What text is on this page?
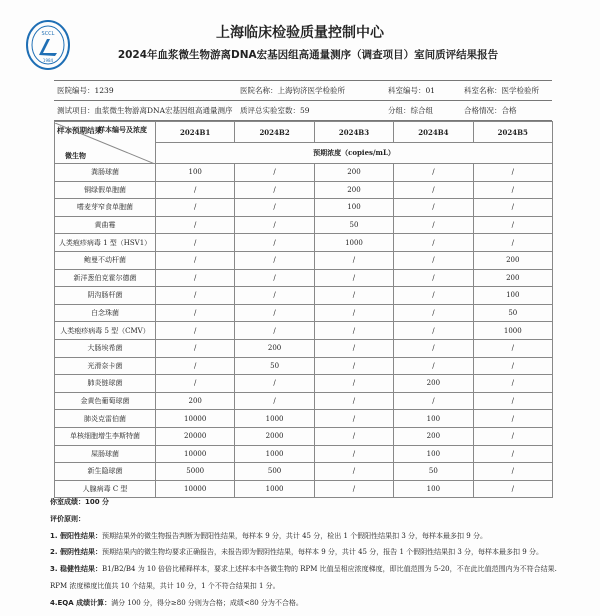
SCCL
1984
上海临床检验质量控制中心
2024年血浆微生物游离DNA宏基因组高通量测序（调查项目）室间质评结果报告
医院编号：1239	医院名称：上海钧济医学检验所	科室编号：01	科室名称：医学检验所
测试项目：血浆微生物游离DNA宏基因组高通量测序 质评总实验室数：59	分组：综合组	合格情况：合格
样本预期结果
样本编号及浓度
微生物	2024B1	2024B2	2024B3	2024B4	2024B5
	预期浓度（copies/mL）				
粪肠球菌	100	/	200	/	/
铜绿假单胞菌	/	/	200	/	/
嗜麦芽窄食单胞菌	/	/	100	/	/
黄曲霉	/	/	50	/	/
人类疱疹病毒 1 型（HSV1）	/	/	1000	/	/
鲍曼不动杆菌	/	/	/	/	200
新洋葱伯克霍尔德菌	/	/	/	/	200
阴沟肠杆菌	/	/	/	/	100
白念珠菌	/	/	/	/	50
人类疱疹病毒 5 型（CMV）	/	/	/	/	1000
大肠埃希菌	/	200	/	/	/
光滑奈卡菌	/	50	/	/	/
肺炎链球菌	/	/	/	200	/
金黄色葡萄球菌	200	/	/	/	/
肺炎克雷伯菌	10000	1000	/	100	/
单核细胞增生李斯特菌	20000	2000	/	200	/
屎肠球菌	10000	1000	/	100	/
新生隐球菌	5000	500	/	50	/
人腺病毒 C 型	10000	1000	/	100	/
你室成绩：100 分
评价原则：
1. 假阳性结果：预期结果外的微生物报告判断为假阳性结果，每样本 9 分，共计 45 分，检出 1 个假阳性结果扣 3 分，每样本最多扣 9 分。
2. 假阴性结果：预期结果内的微生物均要求正确报告，未报告即为假阴性结果，每样本 9 分，共计 45 分，报告 1 个假阴性结果扣 3 分，每样本最多扣 9 分。
3. 稳健性结果：B1/B2/B4 为 10 倍倍比稀释样本，要求上述样本中各微生物的 RPM 比值呈相应浓度梯度，即比值范围为 5-20，不在此比值范围内为不符合结果.
RPM 浓度梯度比值共 10 个结果，共计 10 分，1 个不符合结果扣 1 分。
4.EQA 成绩计算：满分 100 分，得分≥80 分则为合格；成绩<80 分为不合格。
